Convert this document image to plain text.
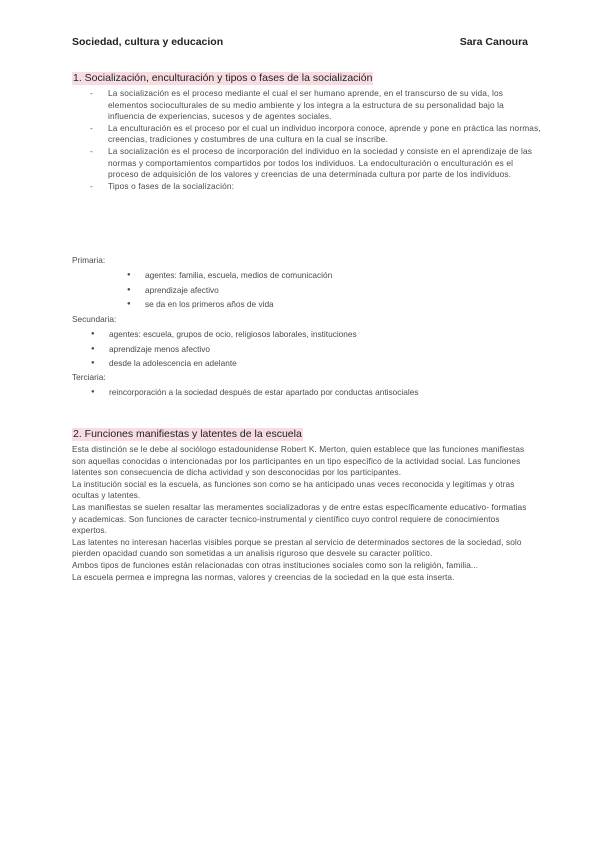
Sociedad, cultura y educacion	Sara Canoura
1. Socialización, enculturación y tipos o fases de la socialización
- La socialización es el proceso mediante el cual el ser humano aprende, en el transcurso de su vida, los elementos socioculturales de su medio ambiente y los integra a la estructura de su personalidad bajo la influencia de experiencias, sucesos y de agentes sociales.
- La enculturación es el proceso por el cual un individuo incorpora conoce, aprende y pone en práctica las normas, creencias, tradiciones y costumbres de una cultura en la cual se inscribe.
- La socialización es el proceso de incorporación del individuo en la sociedad y consiste en el aprendizaje de las normas y comportamientos compartidos por todos los individuos. La endoculturación o enculturación es el proceso de adquisición de los valores y creencias de una determinada cultura por parte de los individuos.
- Tipos o fases de la socialización:
Primaria:
● agentes: familia, escuela, medios de comunicación
● aprendizaje afectivo
● se da en los primeros años de vida
Secundaria:
● agentes: escuela, grupos de ocio, religiosos laborales, instituciones
● aprendizaje menos afectivo
● desde la adolescencia en adelante
Terciaria:
● reincorporación a la sociedad después de estar apartado por conductas antisociales
2. Funciones manifiestas y latentes de la escuela

Esta distinción se le debe al sociólogo estadounidense Robert K. Merton, quien establece que las funciones manifiestas son aquellas conocidas o intencionadas por los participantes en un tipo específico de la actividad social. Las funciones latentes son consecuencia de dicha actividad y son desconocidas por los participantes.

La institución social es la escuela, as funciones son como se ha anticipado unas veces reconocida y legitimas y otras ocultas y latentes.

Las manifiestas se suelen resaltar las meramentes socializadoras y de entre estas específicamente educativo- formatias y academicas. Son funciones de caracter tecnico-instrumental y científico cuyo control requiere de conocimientos expertos.

Las latentes no interesan hacerlas visibles porque se prestan al servicio de determinados sectores de la sociedad, solo pierden opacidad cuando son sometidas a un analisis riguroso que desvele su caracter político.

Ambos tipos de funciones están relacionadas con otras instituciones sociales como son la religión, familia...

La escuela permea e impregna las normas, valores y creencias de la sociedad en la que esta inserta.
